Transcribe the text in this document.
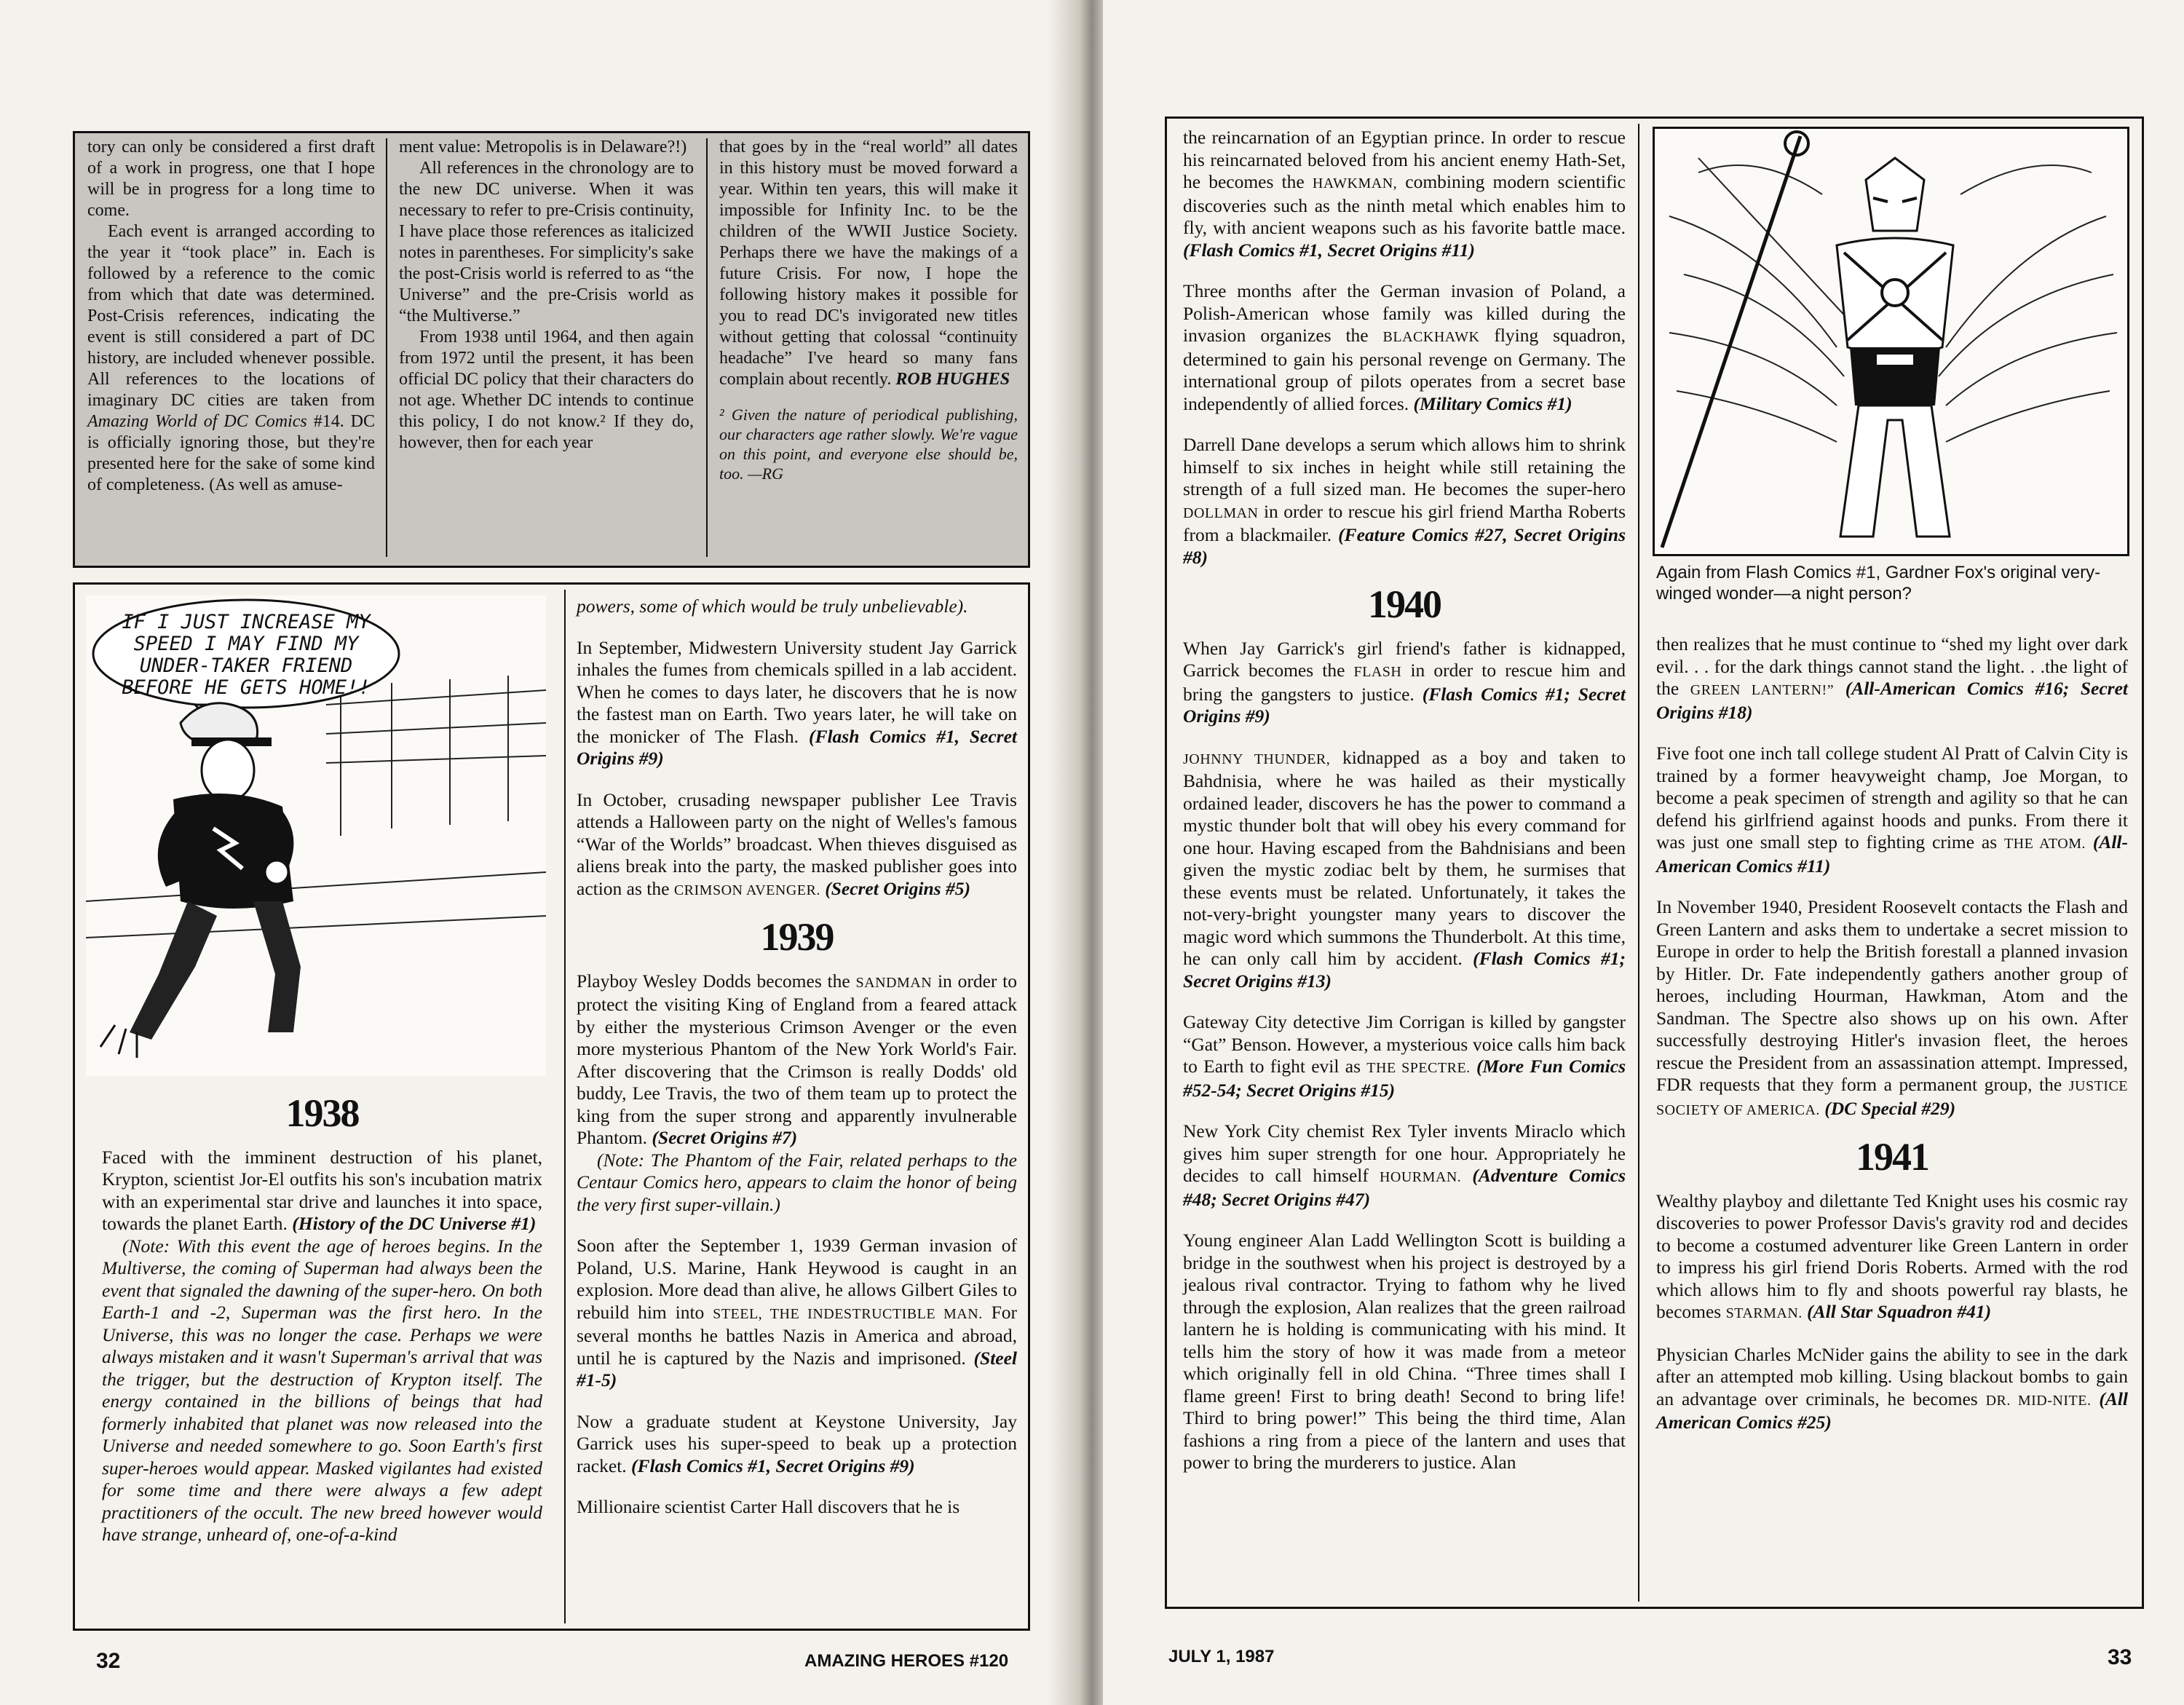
tory can only be considered a first draft of a work in progress, one that I hope will be in progress for a long time to come.

Each event is arranged according to the year it “took place” in. Each is followed by a reference to the comic from which that date was determined. Post-Crisis references, indicating the event is still considered a part of DC history, are included whenever possible. All references to the locations of imaginary DC cities are taken from Amazing World of DC Comics #14. DC is officially ignoring those, but they're presented here for the sake of some kind of completeness. (As well as amuse-

ment value: Metropolis is in Delaware?!)

All references in the chronology are to the new DC universe. When it was necessary to refer to pre-Crisis continuity, I have place those references as italicized notes in parentheses. For simplicity's sake the post-Crisis world is referred to as “the Universe” and the pre-Crisis world as “the Multiverse.”

From 1938 until 1964, and then again from 1972 until the present, it has been official DC policy that their characters do not age. Whether DC intends to continue this policy, I do not know.² If they do, however, then for each year

that goes by in the “real world” all dates in this history must be moved forward a year. Within ten years, this will make it impossible for Infinity Inc. to be the children of the WWII Justice Society. Perhaps there we have the makings of a future Crisis. For now, I hope the following history makes it possible for you to read DC's invigorated new titles without getting that colossal “continuity headache” I've heard so many fans complain about recently. ROB HUGHES

² Given the nature of periodical publishing, our characters age rather slowly. We're vague on this point, and everyone else should be, too. —RG

IF I JUST INCREASE MY SPEED I MAY FIND MY UNDER-TAKER FRIEND BEFORE HE GETS HOME!!
1938

Faced with the imminent destruction of his planet, Krypton, scientist Jor-El outfits his son's incubation matrix with an experimental star drive and launches it into space, towards the planet Earth. (History of the DC Universe #1)

(Note: With this event the age of heroes begins. In the Multiverse, the coming of Superman had always been the event that signaled the dawning of the super-hero. On both Earth-1 and -2, Superman was the first hero. In the Universe, this was no longer the case. Perhaps we were always mistaken and it wasn't Superman's arrival that was the trigger, but the destruction of Krypton itself. The energy contained in the billions of beings that had formerly inhabited that planet was now released into the Universe and needed somewhere to go. Soon Earth's first super-heroes would appear. Masked vigilantes had existed for some time and there were always a few adept practitioners of the occult. The new breed however would have strange, unheard of, one-of-a-kind

powers, some of which would be truly unbelievable).

In September, Midwestern University student Jay Garrick inhales the fumes from chemicals spilled in a lab accident. When he comes to days later, he discovers that he is now the fastest man on Earth. Two years later, he will take on the monicker of The Flash. (Flash Comics #1, Secret Origins #9)

In October, crusading newspaper publisher Lee Travis attends a Halloween party on the night of Welles's famous “War of the Worlds” broadcast. When thieves disguised as aliens break into the party, the masked publisher goes into action as the CRIMSON AVENGER. (Secret Origins #5)

1939

Playboy Wesley Dodds becomes the SANDMAN in order to protect the visiting King of England from a feared attack by either the mysterious Crimson Avenger or the even more mysterious Phantom of the New York World's Fair. After discovering that the Crimson is really Dodds' old buddy, Lee Travis, the two of them team up to protect the king from the super strong and apparently invulnerable Phantom. (Secret Origins #7)

(Note: The Phantom of the Fair, related perhaps to the Centaur Comics hero, appears to claim the honor of being the very first super-villain.)

Soon after the September 1, 1939 German invasion of Poland, U.S. Marine, Hank Heywood is caught in an explosion. More dead than alive, he allows Gilbert Giles to rebuild him into STEEL, THE INDESTRUCTIBLE MAN. For several months he battles Nazis in America and abroad, until he is captured by the Nazis and imprisoned. (Steel #1-5)

Now a graduate student at Keystone University, Jay Garrick uses his super-speed to beak up a protection racket. (Flash Comics #1, Secret Origins #9)

Millionaire scientist Carter Hall discovers that he is

32	AMAZING HEROES #120

the reincarnation of an Egyptian prince. In order to rescue his reincarnated beloved from his ancient enemy Hath-Set, he becomes the HAWKMAN, combining modern scientific discoveries such as the ninth metal which enables him to fly, with ancient weapons such as his favorite battle mace. (Flash Comics #1, Secret Origins #11)

Three months after the German invasion of Poland, a Polish-American whose family was killed during the invasion organizes the BLACKHAWK flying squadron, determined to gain his personal revenge on Germany. The international group of pilots operates from a secret base independently of allied forces. (Military Comics #1)

Darrell Dane develops a serum which allows him to shrink himself to six inches in height while still retaining the strength of a full sized man. He becomes the super-hero DOLLMAN in order to rescue his girl friend Martha Roberts from a blackmailer. (Feature Comics #27, Secret Origins #8)

1940

When Jay Garrick's girl friend's father is kidnapped, Garrick becomes the FLASH in order to rescue him and bring the gangsters to justice. (Flash Comics #1; Secret Origins #9)

JOHNNY THUNDER, kidnapped as a boy and taken to Bahdnisia, where he was hailed as their mystically ordained leader, discovers he has the power to command a mystic thunder bolt that will obey his every command for one hour. Having escaped from the Bahdnisians and been given the mystic zodiac belt by them, he surmises that these events must be related. Unfortunately, it takes the not-very-bright youngster many years to discover the magic word which summons the Thunderbolt. At this time, he can only call him by accident. (Flash Comics #1; Secret Origins #13)

Gateway City detective Jim Corrigan is killed by gangster “Gat” Benson. However, a mysterious voice calls him back to Earth to fight evil as THE SPECTRE. (More Fun Comics #52-54; Secret Origins #15)

New York City chemist Rex Tyler invents Miraclo which gives him super strength for one hour. Appropriately he decides to call himself HOURMAN. (Adventure Comics #48; Secret Origins #47)

Young engineer Alan Ladd Wellington Scott is building a bridge in the southwest when his project is destroyed by a jealous rival contractor. Trying to fathom why he lived through the explosion, Alan realizes that the green railroad lantern he is holding is communicating with his mind. It tells him the story of how it was made from a meteor which originally fell in old China. “Three times shall I flame green! First to bring death! Second to bring life! Third to bring power!” This being the third time, Alan fashions a ring from a piece of the lantern and uses that power to bring the murderers to justice. Alan

Again from Flash Comics #1, Gardner Fox's original very-winged wonder—a night person?

then realizes that he must continue to “shed my light over dark evil. . . for the dark things cannot stand the light. . .the light of the GREEN LANTERN!” (All-American Comics #16; Secret Origins #18)

Five foot one inch tall college student Al Pratt of Calvin City is trained by a former heavyweight champ, Joe Morgan, to become a peak specimen of strength and agility so that he can defend his girlfriend against hoods and punks. From there it was just one small step to fighting crime as THE ATOM. (All-American Comics #11)

In November 1940, President Roosevelt contacts the Flash and Green Lantern and asks them to undertake a secret mission to Europe in order to help the British forestall a planned invasion by Hitler. Dr. Fate independently gathers another group of heroes, including Hourman, Hawkman, Atom and the Sandman. The Spectre also shows up on his own. After successfully destroying Hitler's invasion fleet, the heroes rescue the President from an assassination attempt. Impressed, FDR requests that they form a permanent group, the JUSTICE SOCIETY OF AMERICA. (DC Special #29)

1941

Wealthy playboy and dilettante Ted Knight uses his cosmic ray discoveries to power Professor Davis's gravity rod and decides to become a costumed adventurer like Green Lantern in order to impress his girl friend Doris Roberts. Armed with the rod which allows him to fly and shoots powerful ray blasts, he becomes STARMAN. (All Star Squadron #41)

Physician Charles McNider gains the ability to see in the dark after an attempted mob killing. Using blackout bombs to gain an advantage over criminals, he becomes DR. MID-NITE. (All American Comics #25)

JULY 1, 1987	33
